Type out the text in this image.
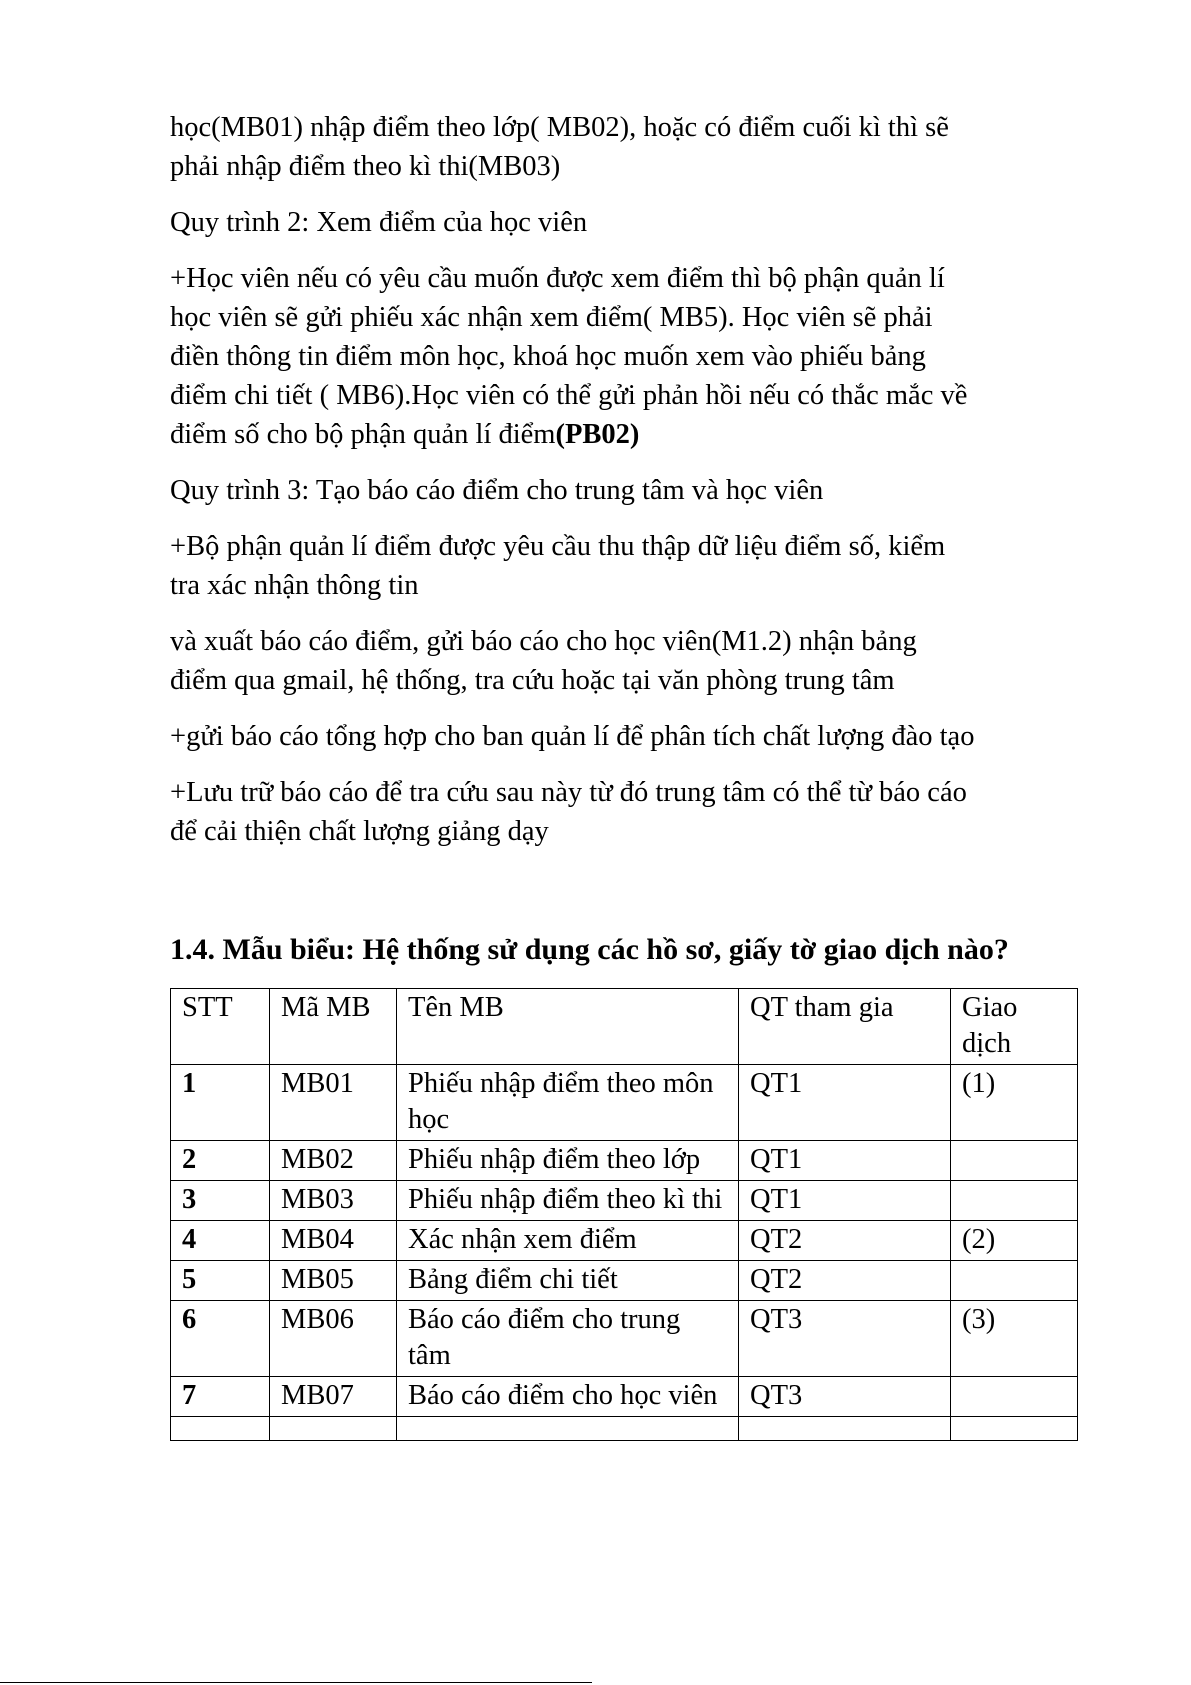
học(MB01) nhập điểm theo lớp( MB02), hoặc có điểm cuối kì thì sẽ
phải nhập điểm theo kì thi(MB03)

Quy trình 2: Xem điểm của học viên

+Học viên nếu có yêu cầu muốn được xem điểm thì bộ phận quản lí
học viên sẽ gửi phiếu xác nhận xem điểm( MB5). Học viên sẽ phải
điền thông tin điểm môn học, khoá học muốn xem vào phiếu bảng
điểm chi tiết ( MB6).Học viên có thể gửi phản hồi nếu có thắc mắc về
điểm số cho bộ phận quản lí điểm(PB02)

Quy trình 3: Tạo báo cáo điểm cho trung tâm và học viên

+Bộ phận quản lí điểm được yêu cầu thu thập dữ liệu điểm số, kiểm
tra xác nhận thông tin

và xuất báo cáo điểm, gửi báo cáo cho học viên(M1.2) nhận bảng
điểm qua gmail, hệ thống, tra cứu hoặc tại văn phòng trung tâm

+gửi báo cáo tổng hợp cho ban quản lí để phân tích chất lượng đào tạo

+Lưu trữ báo cáo để tra cứu sau này từ đó trung tâm có thể từ báo cáo
để cải thiện chất lượng giảng dạy

1.4. Mẫu biểu: Hệ thống sử dụng các hồ sơ, giấy tờ giao dịch nào?
STT	Mã MB	Tên MB	QT tham gia	Giao dịch
1	MB01	Phiếu nhập điểm theo môn học	QT1	(1)
2	MB02	Phiếu nhập điểm theo lớp	QT1	
3	MB03	Phiếu nhập điểm theo kì thi	QT1	
4	MB04	Xác nhận xem điểm	QT2	(2)
5	MB05	Bảng điểm chi tiết	QT2	
6	MB06	Báo cáo điểm cho trung tâm	QT3	(3)
7	MB07	Báo cáo điểm cho học viên	QT3	
